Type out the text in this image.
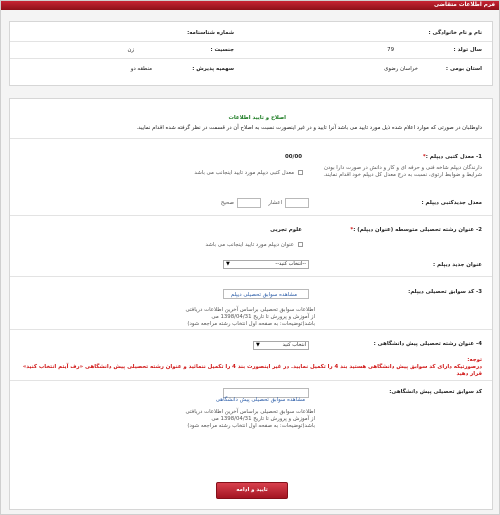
فرم اطلاعات متقاضی
نام و نام خانوادگی :
شماره شناسنامه:
سال تولد :
79
جنسیت :
زن
استان بومی :
خراسان رضوی
سهمیه پذیرش :
منطقه دو
اصلاح و تایید اطلاعات
داوطلبان در صورتی که موارد اعلام شده ذیل مورد تایید می باشد آنرا تایید و در غیر اینصورت نسبت به اصلاح آن در قسمت در نظر گرفته شده اقدام نمایید.
1- معدل کتبی دیپلم :*
00/00
معدل کتبی دیپلم مورد تایید اینجانب می باشد
دارندگان دیپلم شاخه فنی و حرفه ای و کار و دانش در صورت دارا بودن شرایط و ضوابط ارتوی، نسبت به درج معدل کل دیپلم خود اقدام نمایند.
معدل جدیدکتبی دیپلم :
اعشار
صحیح
2- عنوان رشته تحصیلی متوسطه (عنوان دیپلم) :*
علوم تجربی
عنوان دیپلم مورد تایید اینجانب می باشد
عنوان جدید دیپلم :
--انتخاب کنید--
▼
3- کد سوابق تحصیلی دیپلم:
مشاهده سوابق تحصیلی دیپلم
اطلاعات سوابق تحصیلی براساس آخرین اطلاعات دریافتی از آموزش و پرورش تا تاریخ 1398/04/31 می باشد(توضیحات: به صفحه اول انتخاب رشته مراجعه شود)
4- عنوان رشته تحصیلی پیش دانشگاهی :
انتخاب کنید
▼
توجه:
درصورتیکه دارای کد سوابق پیش دانشگاهی هستید بند 4 را تکمیل نمایید. در غیر اینصورت بند 4 را تکمیل ننمائید و عنوان رشته تحصیلی پیش دانشگاهی «رف آیتم انتخاب کنید» قرار دهید
کد سوابق تحصیلی پیش دانشگاهی:
مشاهده سوابق تحصیلی پیش دانشگاهی
اطلاعات سوابق تحصیلی براساس آخرین اطلاعات دریافتی از آموزش و پرورش تا تاریخ 1398/04/31 می باشد(توضیحات: به صفحه اول انتخاب رشته مراجعه شود)
تایید و ادامه
